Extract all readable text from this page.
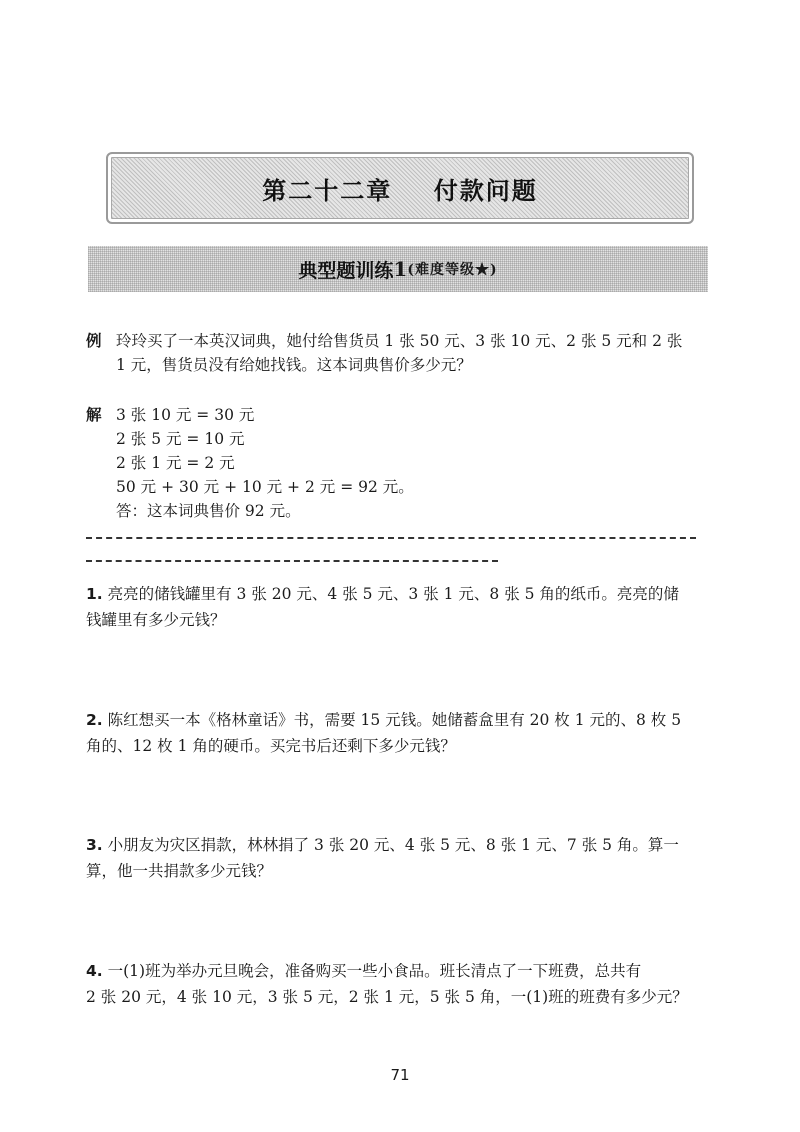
第二十二章    付款问题
典型题训练 1 (难度等级★)
例 玲玲买了一本英汉词典，她付给售货员 1 张 50 元、3 张 10 元、2 张 5 元和 2 张
1 元，售货员没有给她找钱。这本词典售价多少元？
解 3 张 10 元 = 30 元
2 张 5 元 = 10 元
2 张 1 元 = 2 元
50 元 + 30 元 + 10 元 + 2 元 = 92 元。
答：这本词典售价 92 元。
1. 亮亮的储钱罐里有 3 张 20 元、4 张 5 元、3 张 1 元、8 张 5 角的纸币。亮亮的储
钱罐里有多少元钱？
2. 陈红想买一本《格林童话》书，需要 15 元钱。她储蓄盒里有 20 枚 1 元的、8 枚 5
角的、12 枚 1 角的硬币。买完书后还剩下多少元钱？
3. 小朋友为灾区捐款，林林捐了 3 张 20 元、4 张 5 元、8 张 1 元、7 张 5 角。算一
算，他一共捐款多少元钱？
4. 一(1)班为举办元旦晚会，准备购买一些小食品。班长清点了一下班费，总共有
2 张 20 元，4 张 10 元，3 张 5 元，2 张 1 元，5 张 5 角，一(1)班的班费有多少元？
71
